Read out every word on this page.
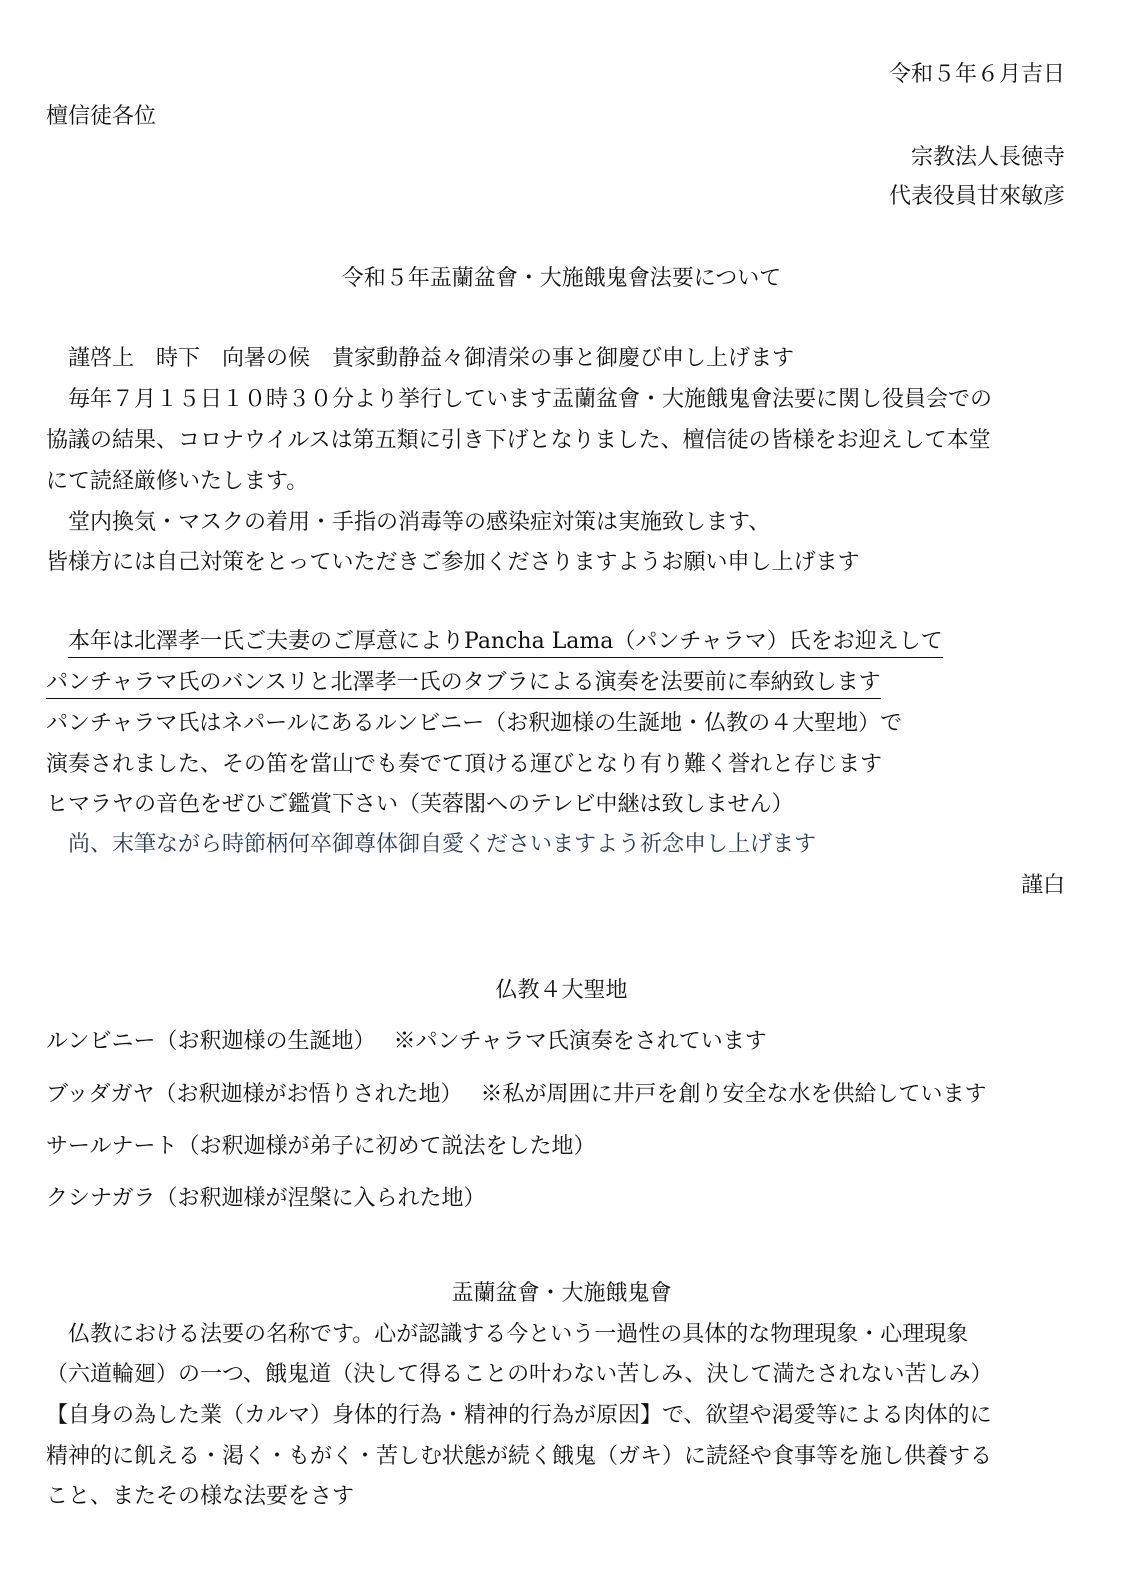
令和５年６月吉日
檀信徒各位
宗教法人長徳寺
代表役員甘來敏彦
令和５年盂蘭盆會・大施餓鬼會法要について
謹啓上　時下　向暑の候　貴家動静益々御清栄の事と御慶び申し上げます
毎年７月１５日１０時３０分より挙行しています盂蘭盆會・大施餓鬼會法要に関し役員会での
協議の結果、コロナウイルスは第五類に引き下げとなりました、檀信徒の皆様をお迎えして本堂
にて読経厳修いたします。
堂内換気・マスクの着用・手指の消毒等の感染症対策は実施致します、
皆様方には自己対策をとっていただきご参加くださりますようお願い申し上げます
本年は北澤孝一氏ご夫妻のご厚意によりPancha Lama（パンチャラマ）氏をお迎えして
パンチャラマ氏のバンスリと北澤孝一氏のタブラによる演奏を法要前に奉納致します
パンチャラマ氏はネパールにあるルンビニー（お釈迦様の生誕地・仏教の４大聖地）で
演奏されました、その笛を當山でも奏でて頂ける運びとなり有り難く誉れと存じます
ヒマラヤの音色をぜひご鑑賞下さい（芙蓉閣へのテレビ中継は致しません）
尚、末筆ながら時節柄何卒御尊体御自愛くださいますよう祈念申し上げます
謹白
仏教４大聖地
ルンビニー（お釈迦様の生誕地）　 ※パンチャラマ氏演奏をされています
ブッダガヤ（お釈迦様がお悟りされた地）　 ※私が周囲に井戸を創り安全な水を供給しています
サールナート（お釈迦様が弟子に初めて説法をした地）
クシナガラ（お釈迦様が涅槃に入られた地）
盂蘭盆會・大施餓鬼會
仏教における法要の名称です。心が認識する今という一過性の具体的な物理現象・心理現象
（六道輪廻）の一つ、餓鬼道（決して得ることの叶わない苦しみ、決して満たされない苦しみ）
【自身の為した業（カルマ）身体的行為・精神的行為が原因】で、欲望や渇愛等による肉体的に
精神的に飢える・渇く・もがく・苦しむ状態が続く餓鬼（ガキ）に読経や食事等を施し供養する
こと、またその様な法要をさす
